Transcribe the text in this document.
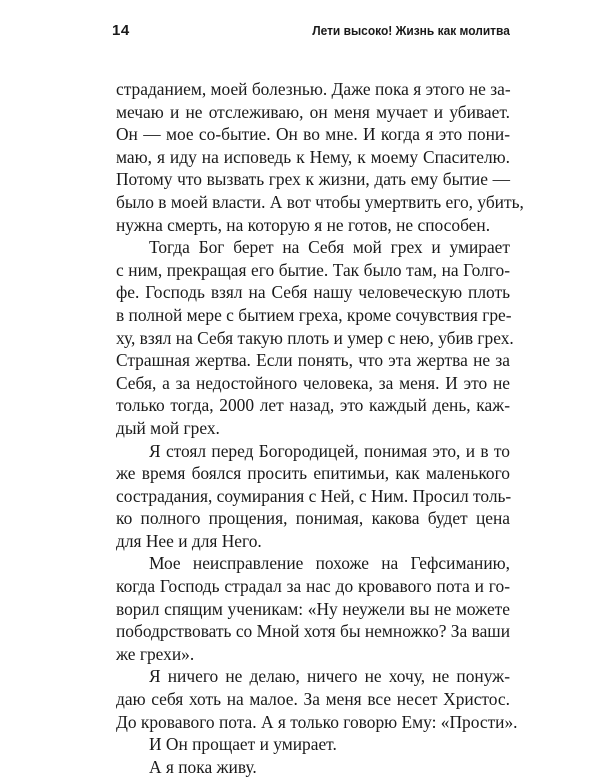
14	Лети высоко! Жизнь как молитва
страданием, моей болезнью. Даже пока я этого не за-
мечаю и не отслеживаю, он меня мучает и убивает.
Он — мое со-бытие. Он во мне. И когда я это пони-
маю, я иду на исповедь к Нему, к моему Спасителю.
Потому что вызвать грех к жизни, дать ему бытие —
было в моей власти. А вот чтобы умертвить его, убить,
нужна смерть, на которую я не готов, не способен.
Тогда Бог берет на Себя мой грех и умирает
с ним, прекращая его бытие. Так было там, на Голго-
фе. Господь взял на Себя нашу человеческую плоть
в полной мере с бытием греха, кроме сочувствия гре-
ху, взял на Себя такую плоть и умер с нею, убив грех.
Страшная жертва. Если понять, что эта жертва не за
Себя, а за недостойного человека, за меня. И это не
только тогда, 2000 лет назад, это каждый день, каж-
дый мой грех.
Я стоял перед Богородицей, понимая это, и в то
же время боялся просить епитимьи, как маленького
сострадания, соумирания с Ней, с Ним. Просил толь-
ко полного прощения, понимая, какова будет цена
для Нее и для Него.
Мое неисправление похоже на Гефсиманию,
когда Господь страдал за нас до кровавого пота и го-
ворил спящим ученикам: «Ну неужели вы не можете
пободрствовать со Мной хотя бы немножко? За ваши
же грехи».
Я ничего не делаю, ничего не хочу, не понуж-
даю себя хоть на малое. За меня все несет Христос.
До кровавого пота. А я только говорю Ему: «Прости».
И Он прощает и умирает.
А я пока живу.
